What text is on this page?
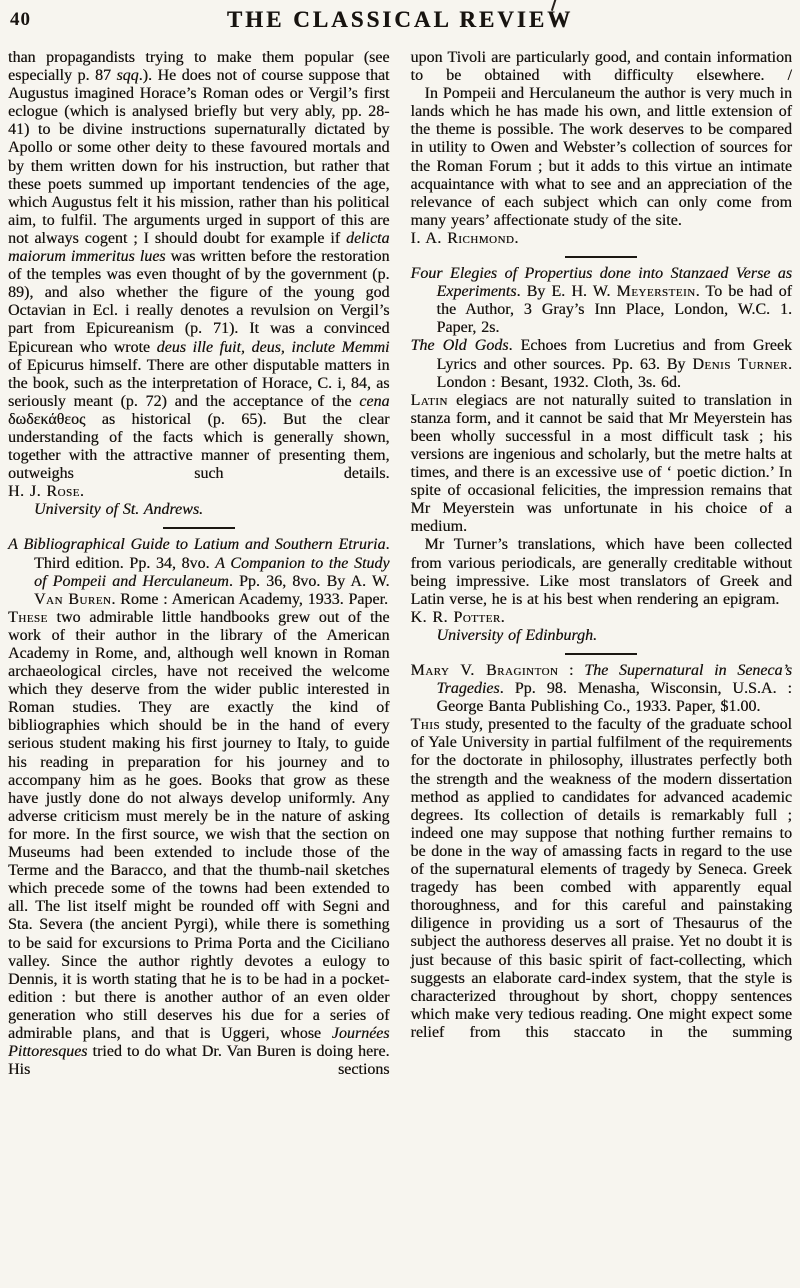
40	THE CLASSICAL REVIEW

than propagandists trying to make them popular (see especially p. 87 sqq.). He does not of course suppose that Augustus imagined Horace’s Roman odes or Vergil’s first eclogue (which is analysed briefly but very ably, pp. 28-41) to be divine instructions supernaturally dictated by Apollo or some other deity to these favoured mortals and by them written down for his instruction, but rather that these poets summed up important tendencies of the age, which Augustus felt it his mission, rather than his political aim, to fulfil. The arguments urged in support of this are not always cogent ; I should doubt for example if delicta maiorum immeritus lues was written before the restoration of the temples was even thought of by the government (p. 89), and also whether the figure of the young god Octavian in Ecl. i really denotes a revulsion on Vergil’s part from Epicureanism (p. 71). It was a convinced Epicurean who wrote deus ille fuit, deus, inclute Memmi of Epicurus himself. There are other disputable matters in the book, such as the interpretation of Horace, C. i, 84, as seriously meant (p. 72) and the acceptance of the cena δωδεκάθεος as historical (p. 65). But the clear understanding of the facts which is generally shown, together with the attractive manner of presenting them, outweighs such details.

H. J. Rose.

University of St. Andrews.

A Bibliographical Guide to Latium and Southern Etruria. Third edition. Pp. 34, 8vo. A Companion to the Study of Pompeii and Herculaneum. Pp. 36, 8vo. By A. W. Van Buren. Rome : American Academy, 1933. Paper.

These two admirable little handbooks grew out of the work of their author in the library of the American Academy in Rome, and, although well known in Roman archaeological circles, have not received the welcome which they deserve from the wider public interested in Roman studies. They are exactly the kind of bibliographies which should be in the hand of every serious student making his first journey to Italy, to guide his reading in preparation for his journey and to accompany him as he goes. Books that grow as these have justly done do not always develop uniformly. Any adverse criticism must merely be in the nature of asking for more. In the first source, we wish that the section on Museums had been extended to include those of the Terme and the Baracco, and that the thumb-nail sketches which precede some of the towns had been extended to all. The list itself might be rounded off with Segni and Sta. Severa (the ancient Pyrgi), while there is something to be said for excursions to Prima Porta and the Ciciliano valley. Since the author rightly devotes a eulogy to Dennis, it is worth stating that he is to be had in a pocket-edition : but there is another author of an even older generation who still deserves his due for a series of admirable plans, and that is Uggeri, whose Journées Pittoresques tried to do what Dr. Van Buren is doing here. His sections

upon Tivoli are particularly good, and contain information to be obtained with difficulty elsewhere. /

In Pompeii and Herculaneum the author is very much in lands which he has made his own, and little extension of the theme is possible. The work deserves to be compared in utility to Owen and Webster’s collection of sources for the Roman Forum ; but it adds to this virtue an intimate acquaintance with what to see and an appreciation of the relevance of each subject which can only come from many years’ affectionate study of the site.

I. A. Richmond.

Four Elegies of Propertius done into Stanzaed Verse as Experiments. By E. H. W. Meyerstein. To be had of the Author, 3 Gray’s Inn Place, London, W.C. 1. Paper, 2s.

The Old Gods. Echoes from Lucretius and from Greek Lyrics and other sources. Pp. 63. By Denis Turner. London : Besant, 1932. Cloth, 3s. 6d.

Latin elegiacs are not naturally suited to translation in stanza form, and it cannot be said that Mr Meyerstein has been wholly successful in a most difficult task ; his versions are ingenious and scholarly, but the metre halts at times, and there is an excessive use of ‘ poetic diction.’ In spite of occasional felicities, the impression remains that Mr Meyerstein was unfortunate in his choice of a medium.

Mr Turner’s translations, which have been collected from various periodicals, are generally creditable without being impressive. Like most translators of Greek and Latin verse, he is at his best when rendering an epigram.

K. R. Potter.

University of Edinburgh.

Mary V. Braginton : The Supernatural in Seneca’s Tragedies. Pp. 98. Menasha, Wisconsin, U.S.A. : George Banta Publishing Co., 1933. Paper, $1.00.

This study, presented to the faculty of the graduate school of Yale University in partial fulfilment of the requirements for the doctorate in philosophy, illustrates perfectly both the strength and the weakness of the modern dissertation method as applied to candidates for advanced academic degrees. Its collection of details is remarkably full ; indeed one may suppose that nothing further remains to be done in the way of amassing facts in regard to the use of the supernatural elements of tragedy by Seneca. Greek tragedy has been combed with apparently equal thoroughness, and for this careful and painstaking diligence in providing us a sort of Thesaurus of the subject the authoress deserves all praise. Yet no doubt it is just because of this basic spirit of fact-collecting, which suggests an elaborate card-index system, that the style is characterized throughout by short, choppy sentences which make very tedious reading. One might expect some relief from this staccato in the summing
